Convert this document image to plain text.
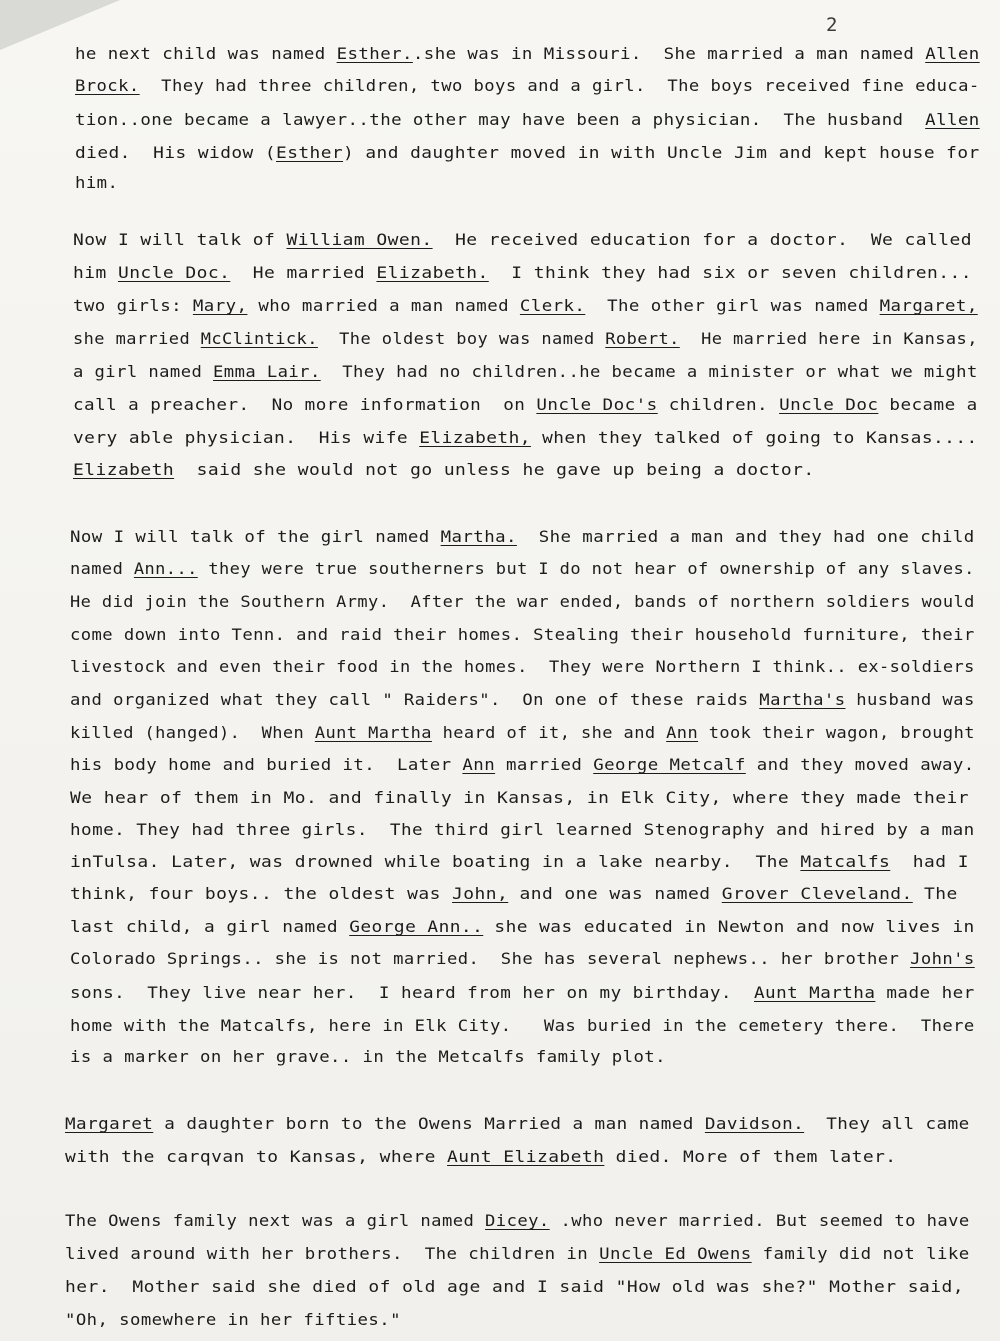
2
he next child was named Esther..she was in Missouri.  She married a man named Allen
Brock.  They had three children, two boys and a girl.  The boys received fine educa-
tion..one became a lawyer..the other may have been a physician.  The husband  Allen
died.  His widow (Esther) and daughter moved in with Uncle Jim and kept house for
him.
Now I will talk of William Owen.  He received education for a doctor.  We called
him Uncle Doc.  He married Elizabeth.  I think they had six or seven children...
two girls: Mary, who married a man named Clerk.  The other girl was named Margaret,
she married McClintick.  The oldest boy was named Robert.  He married here in Kansas,
a girl named Emma Lair.  They had no children..he became a minister or what we might
call a preacher.  No more information  on Uncle Doc's children. Uncle Doc became a
very able physician.  His wife Elizabeth, when they talked of going to Kansas....
Elizabeth  said she would not go unless he gave up being a doctor.
Now I will talk of the girl named Martha.  She married a man and they had one child
named Ann... they were true southerners but I do not hear of ownership of any slaves.
He did join the Southern Army.  After the war ended, bands of northern soldiers would
come down into Tenn. and raid their homes. Stealing their household furniture, their
livestock and even their food in the homes.  They were Northern I think.. ex-soldiers
and organized what they call " Raiders".  On one of these raids Martha's husband was
killed (hanged).  When Aunt Martha heard of it, she and Ann took their wagon, brought
his body home and buried it.  Later Ann married George Metcalf and they moved away.
We hear of them in Mo. and finally in Kansas, in Elk City, where they made their
home. They had three girls.  The third girl learned Stenography and hired by a man
inTulsa. Later, was drowned while boating in a lake nearby.  The Matcalfs  had I
think, four boys.. the oldest was John, and one was named Grover Cleveland. The
last child, a girl named George Ann.. she was educated in Newton and now lives in
Colorado Springs.. she is not married.  She has several nephews.. her brother John's
sons.  They live near her.  I heard from her on my birthday.  Aunt Martha made her
home with the Matcalfs, here in Elk City.   Was buried in the cemetery there.  There
is a marker on her grave.. in the Metcalfs family plot.
Margaret a daughter born to the Owens Married a man named Davidson.  They all came
with the carqvan to Kansas, where Aunt Elizabeth died. More of them later.
The Owens family next was a girl named Dicey. .who never married. But seemed to have
lived around with her brothers.  The children in Uncle Ed Owens family did not like
her.  Mother said she died of old age and I said "How old was she?" Mother said,
"Oh, somewhere in her fifties."
